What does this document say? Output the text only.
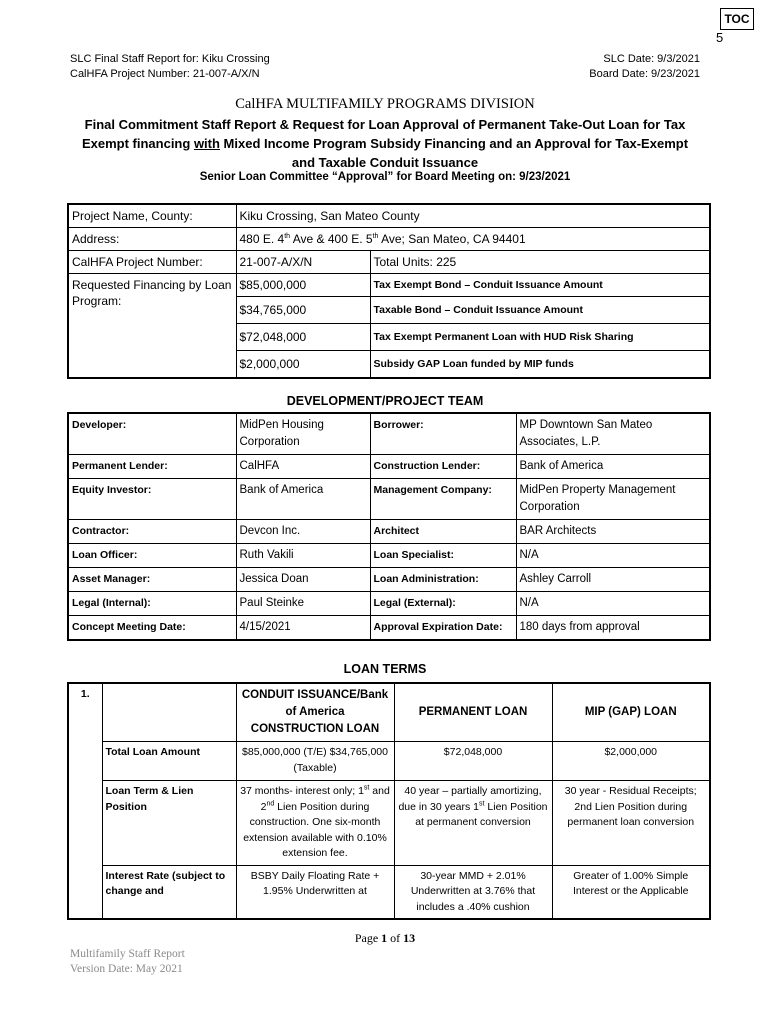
TOC
5
SLC Final Staff Report for: Kiku Crossing
CalHFA Project Number: 21-007-A/X/N
SLC Date: 9/3/2021
Board Date: 9/23/2021
CalHFA MULTIFAMILY PROGRAMS DIVISION
Final Commitment Staff Report & Request for Loan Approval of Permanent Take-Out Loan for Tax
Exempt financing with Mixed Income Program Subsidy Financing and an Approval for Tax-Exempt
and Taxable Conduit Issuance
Senior Loan Committee “Approval” for Board Meeting on: 9/23/2021
Project Name, County:	Kiku Crossing, San Mateo County	
Address:	480 E. 4th Ave & 400 E. 5th Ave; San Mateo, CA 94401	
CalHFA Project Number:	21-007-A/X/N	Total Units: 225
Requested Financing by Loan Program:	$85,000,000	Tax Exempt Bond – Conduit Issuance Amount
	$34,765,000	Taxable Bond – Conduit Issuance Amount
	$72,048,000	Tax Exempt Permanent Loan with HUD Risk Sharing
	$2,000,000	Subsidy GAP Loan funded by MIP funds
DEVELOPMENT/PROJECT TEAM
Developer:	MidPen Housing Corporation	Borrower:	MP Downtown San Mateo Associates, L.P.
Permanent Lender:	CalHFA	Construction Lender:	Bank of America
Equity Investor:	Bank of America	Management Company:	MidPen Property Management Corporation
Contractor:	Devcon Inc.	Architect	BAR Architects
Loan Officer:	Ruth Vakili	Loan Specialist:	N/A
Asset Manager:	Jessica Doan	Loan Administration:	Ashley Carroll
Legal (Internal):	Paul Steinke	Legal (External):	N/A
Concept Meeting Date:	4/15/2021	Approval Expiration Date:	180 days from approval
LOAN TERMS
1.		CONDUIT ISSUANCE/Bank of America CONSTRUCTION LOAN	PERMANENT LOAN	MIP (GAP) LOAN
	Total Loan Amount	$85,000,000 (T/E) $34,765,000 (Taxable)	$72,048,000	$2,000,000
	Loan Term & Lien Position	37 months- interest only; 1st and 2nd Lien Position during construction. One six-month extension available with 0.10% extension fee.	40 year – partially amortizing, due in 30 years 1st Lien Position at permanent conversion	30 year - Residual Receipts; 2nd Lien Position during permanent loan conversion
	Interest Rate (subject to change and	BSBY Daily Floating Rate + 1.95% Underwritten at	30-year MMD + 2.01% Underwritten at 3.76% that includes a .40% cushion	Greater of 1.00% Simple Interest or the Applicable
Page 1 of 13
Multifamily Staff Report
Version Date: May 2021
